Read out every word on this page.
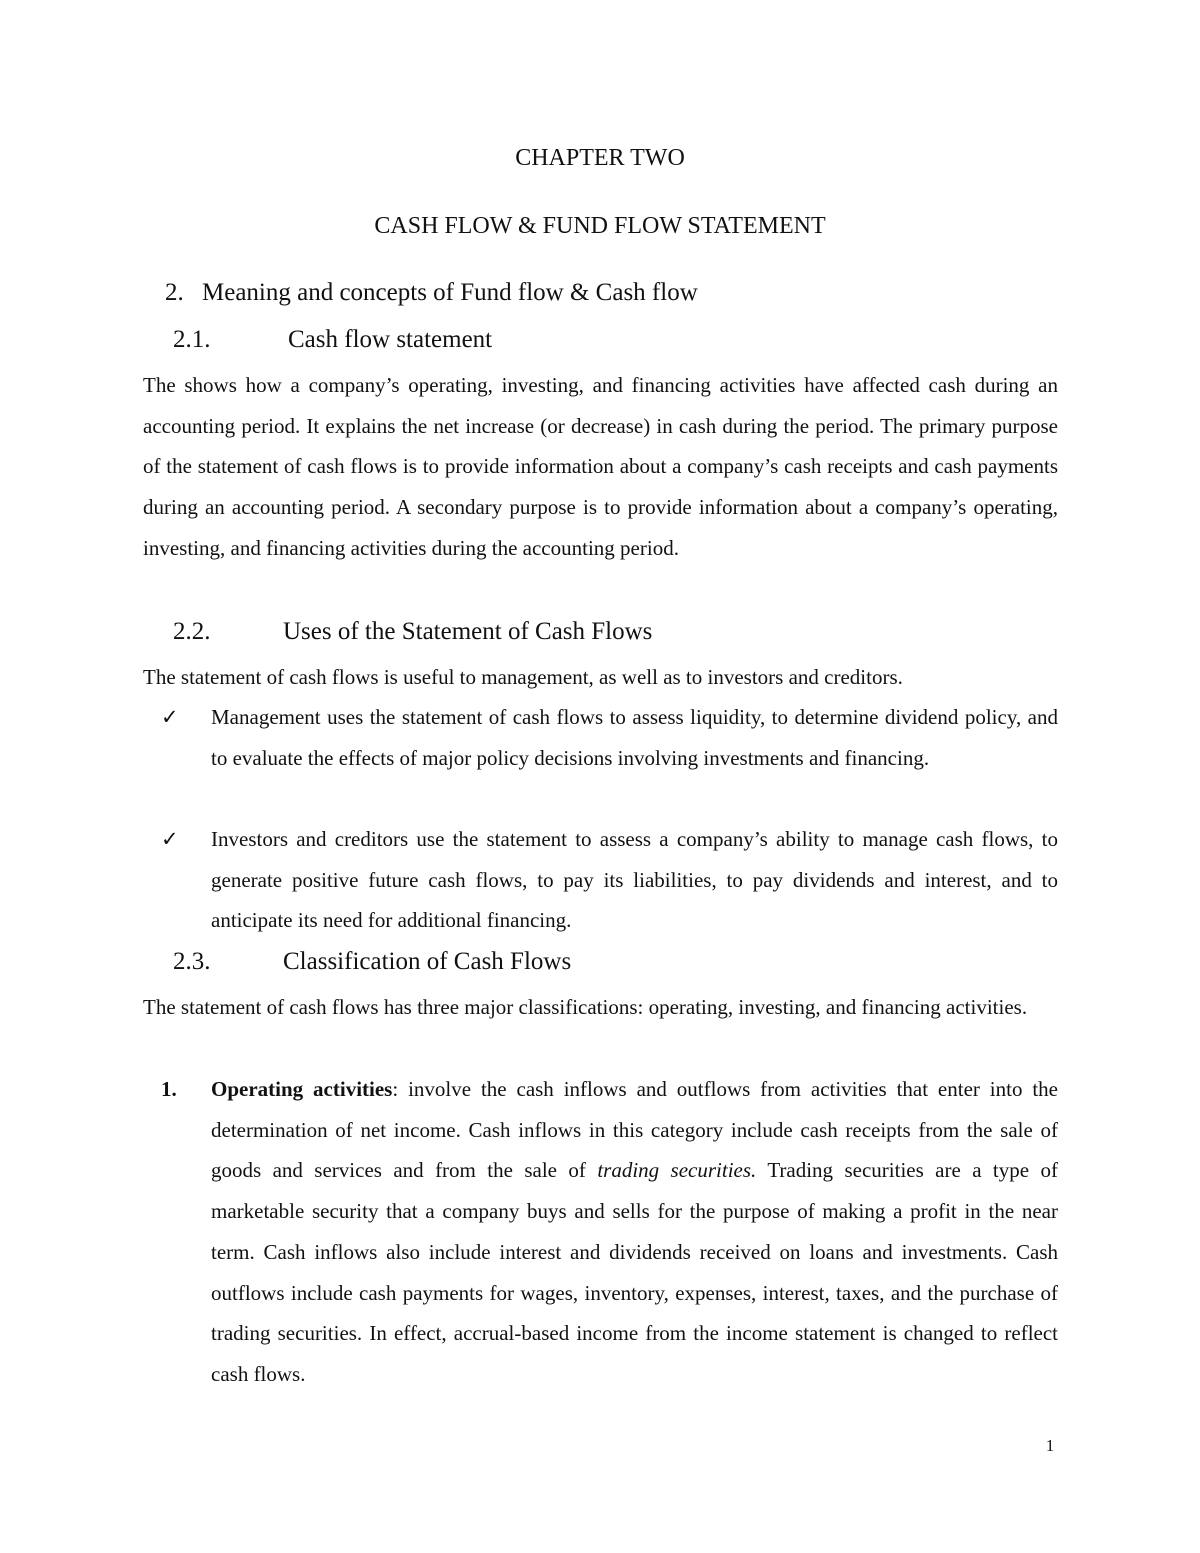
CHAPTER TWO
CASH FLOW & FUND FLOW STATEMENT
2. Meaning and concepts of Fund flow & Cash flow
2.1.	Cash flow statement

The shows how a company’s operating, investing, and financing activities have affected cash during an accounting period. It explains the net increase (or decrease) in cash during the period. The primary purpose of the statement of cash flows is to provide information about a company’s cash receipts and cash payments during an accounting period. A secondary purpose is to provide information about a company’s operating, investing, and financing activities during the accounting period.

2.2.	Uses of the Statement of Cash Flows

The statement of cash flows is useful to management, as well as to investors and creditors.

✓ Management uses the statement of cash flows to assess liquidity, to determine dividend policy, and to evaluate the effects of major policy decisions involving investments and financing.

✓ Investors and creditors use the statement to assess a company’s ability to manage cash flows, to generate positive future cash flows, to pay its liabilities, to pay dividends and interest, and to anticipate its need for additional financing.

2.3.	Classification of Cash Flows

The statement of cash flows has three major classifications: operating, investing, and financing activities.

1. Operating activities: involve the cash inflows and outflows from activities that enter into the determination of net income. Cash inflows in this category include cash receipts from the sale of goods and services and from the sale of trading securities. Trading securities are a type of marketable security that a company buys and sells for the purpose of making a profit in the near term. Cash inflows also include interest and dividends received on loans and investments. Cash outflows include cash payments for wages, inventory, expenses, interest, taxes, and the purchase of trading securities. In effect, accrual-based income from the income statement is changed to reflect cash flows.

1
